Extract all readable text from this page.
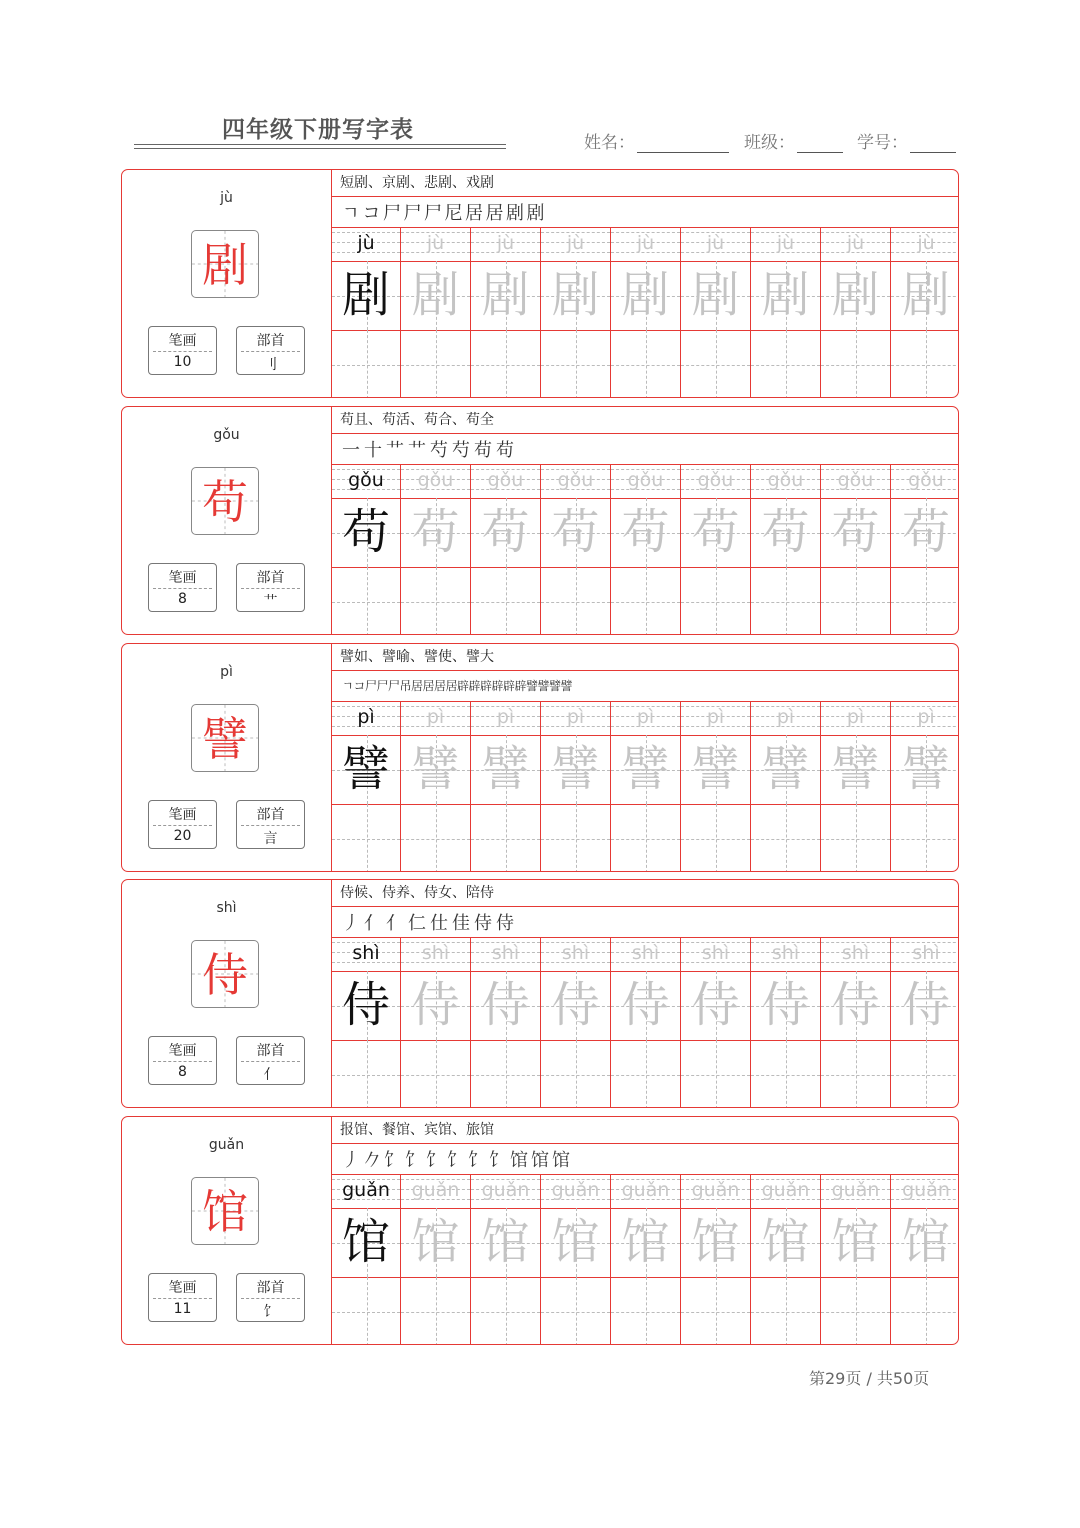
四年级下册写字表	姓名：	班级：	学号：
jù
剧
笔画
10
部首
刂
短剧、京剧、悲剧、戏剧
ㄱ コ 尸 尸 尸 尼 居 居 剧 剧
jù	jù	jù	jù	jù	jù	jù	jù	jù
剧 剧 剧 剧 剧 剧 剧 剧 剧
gǒu
苟
笔画
8
部首
艹
苟且、苟活、苟合、苟全
一 十 艹 艹 芍 芍 苟 苟
gǒu	gǒu	gǒu	gǒu	gǒu	gǒu	gǒu	gǒu	gǒu
苟 苟 苟 苟 苟 苟 苟 苟 苟
pì
譬
笔画
20
部首
言
譬如、譬喻、譬使、譬大
ㄱ コ 尸 尸 尸 吊 居 居 居 居 辟 辟 辟 辟 辟 辟 譬 譬 譬 譬
pì	pì	pì	pì	pì	pì	pì	pì	pì
譬 譬 譬 譬 譬 譬 譬 譬 譬
shì
侍
笔画
8
部首
亻
侍候、侍养、侍女、陪侍
丿 亻 亻 仁 仕 佳 侍 侍
shì	shì	shì	shì	shì	shì	shì	shì	shì
侍 侍 侍 侍 侍 侍 侍 侍 侍
guǎn
馆
笔画
11
部首
饣
报馆、餐馆、宾馆、旅馆
丿 𠂊 饣 饣 饣 饣 饣 饣 馆 馆 馆
guǎn	guǎn	guǎn	guǎn	guǎn	guǎn	guǎn	guǎn	guǎn
馆 馆 馆 馆 馆 馆 馆 馆 馆
第29页 / 共50页
